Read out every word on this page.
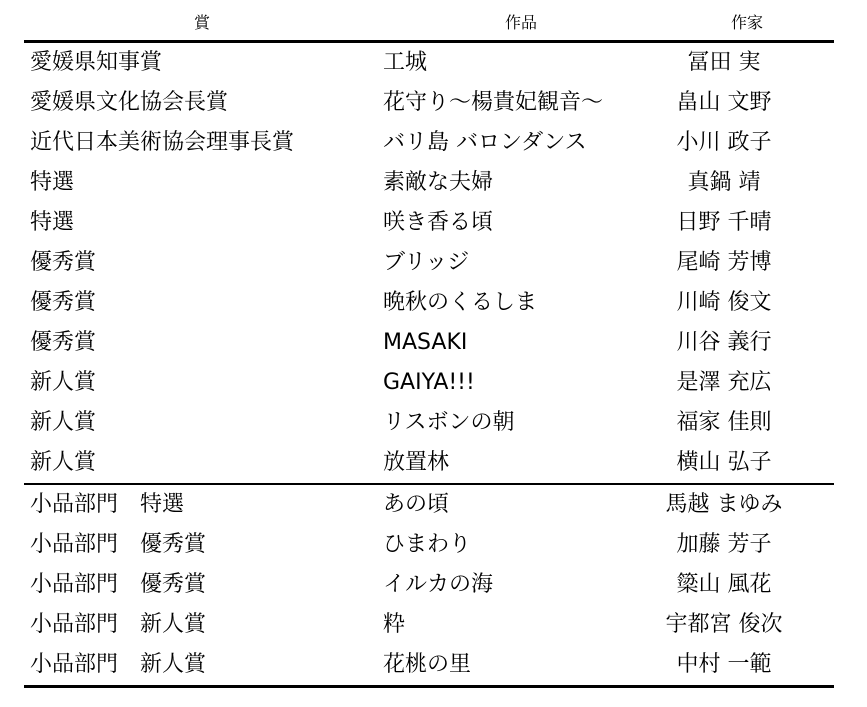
賞	作品	作家
愛媛県知事賞	工城	冨田 実
愛媛県文化協会長賞	花守り～楊貴妃観音～	畠山 文野
近代日本美術協会理事長賞	バリ島 バロンダンス	小川 政子
特選	素敵な夫婦	真鍋 靖
特選	咲き香る頃	日野 千晴
優秀賞	ブリッジ	尾崎 芳博
優秀賞	晩秋のくるしま	川崎 俊文
優秀賞	MASAKI	川谷 義行
新人賞	GAIYA!!!	是澤 充広
新人賞	リスボンの朝	福家 佳則
新人賞	放置林	横山 弘子
小品部門　特選	あの頃	馬越 まゆみ
小品部門　優秀賞	ひまわり	加藤 芳子
小品部門　優秀賞	イルカの海	簗山 風花
小品部門　新人賞	粋	宇都宮 俊次
小品部門　新人賞	花桃の里	中村 一範
